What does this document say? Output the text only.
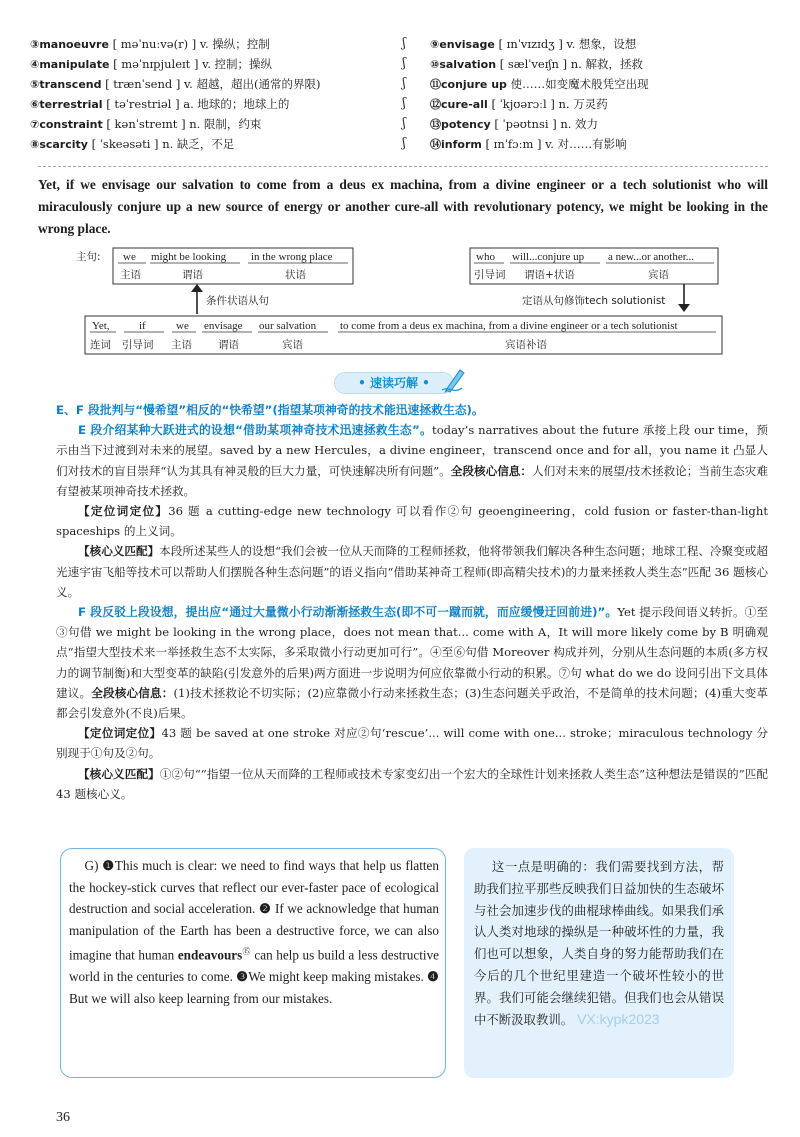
③manoeuvre [ məˈnuːvə(r) ] v. 操纵；控制
④manipulate [ məˈnɪpjuleɪt ] v. 控制；操纵
⑤transcend [ trænˈsend ] v. 超越，超出(通常的界限)
⑥terrestrial [ təˈrestriəl ] a. 地球的；地球上的
⑦constraint [ kənˈstreɪnt ] n. 限制，约束
⑧scarcity [ ˈskeəsəti ] n. 缺乏，不足
ʃ
ʃ
ʃ
ʃ
ʃ
ʃ
⑨envisage [ ɪnˈvɪzɪdʒ ] v. 想象，设想
⑩salvation [ sælˈveɪʃn ] n. 解救，拯救
⑪conjure up 使……如变魔术般凭空出现
⑫cure-all [ ˈkjʊərɔːl ] n. 万灵药
⑬potency [ ˈpəʊtnsi ] n. 效力
⑭inform [ ɪnˈfɔːm ] v. 对……有影响

Yet, if we envisage our salvation to come from a deus ex machina, from a divine engineer or a tech solutionist who will miraculously conjure up a new source of energy or another cure-all with revolutionary potency, we might be looking in the wrong place.

主句: we
主语
might be looking
谓语
in the wrong place
状语
who
引导词
will...conjure up
谓语+状语
a new...or another...
宾语
条件状语从句	定语从句修饰tech solutionist
Yet,
连词
if
引导词
we
主语
envisage
谓语
our salvation
宾语
to come from a deus ex machina, from a divine engineer or a tech solutionist
宾语补语
• 速读巧解 •

E、F 段批判与“慢希望”相反的“快希望”(指望某项神奇的技术能迅速拯救生态)。

E 段介绍某种大跃进式的设想“借助某项神奇技术迅速拯救生态”。today’s narratives about the future 承接上段 our time，预示由当下过渡到对未来的展望。saved by a new Hercules，a divine engineer，transcend once and for all，you name it 凸显人们对技术的盲目崇拜“认为其具有神灵般的巨大力量，可快速解决所有问题”。全段核心信息：人们对未来的展望/技术拯救论；当前生态灾难有望被某项神奇技术拯救。

【定位词定位】36 题 a cutting-edge new technology 可以看作②句 geoengineering，cold fusion or faster-than-light spaceships 的上义词。

【核心义匹配】本段所述某些人的设想“我们会被一位从天而降的工程师拯救，他将带领我们解决各种生态问题；地球工程、冷聚变或超光速宇宙飞船等技术可以帮助人们摆脱各种生态问题”的语义指向“借助某神奇工程师(即高精尖技术)的力量来拯救人类生态”匹配 36 题核心义。

F 段反驳上段设想，提出应“通过大量微小行动渐渐拯救生态(即不可一蹴而就，而应缓慢迂回前进)”。Yet 提示段间语义转折。①至③句借 we might be looking in the wrong place，does not mean that... come with A，It will more likely come by B 明确观点“指望大型技术来一举拯救生态不太实际，多采取微小行动更加可行”。④至⑥句借 Moreover 构成并列，分别从生态问题的本质(多方权力的调节制衡)和大型变革的缺陷(引发意外的后果)两方面进一步说明为何应依靠微小行动的积累。⑦句 what do we do 设问引出下文具体建议。全段核心信息：(1)技术拯救论不切实际；(2)应靠微小行动来拯救生态；(3)生态问题关乎政治，不是简单的技术问题；(4)重大变革都会引发意外(不良)后果。

【定位词定位】43 题 be saved at one stroke 对应②句‘rescue’... will come with one... stroke；miraculous technology 分别现于①句及②句。

【核心义匹配】①②句““指望一位从天而降的工程师或技术专家变幻出一个宏大的全球性计划来拯救人类生态”这种想法是错误的”匹配 43 题核心义。

G) ❶This much is clear: we need to find ways that help us flatten the hockey-stick curves that reflect our ever-faster pace of ecological destruction and social acceleration. ❷ If we acknowledge that human manipulation of the Earth has been a destructive force, we can also imagine that human endeavours⑮ can help us build a less destructive world in the centuries to come. ❸We might keep making mistakes. ❹ But we will also keep learning from our mistakes.
这一点是明确的：我们需要找到方法，帮助我们拉平那些反映我们日益加快的生态破坏与社会加速步伐的曲棍球棒曲线。如果我们承认人类对地球的操纵是一种破坏性的力量，我们也可以想象，人类自身的努力能帮助我们在今后的几个世纪里建造一个破坏性较小的世界。我们可能会继续犯错。但我们也会从错误中不断汲取教训。 VX:kypk2023
36
